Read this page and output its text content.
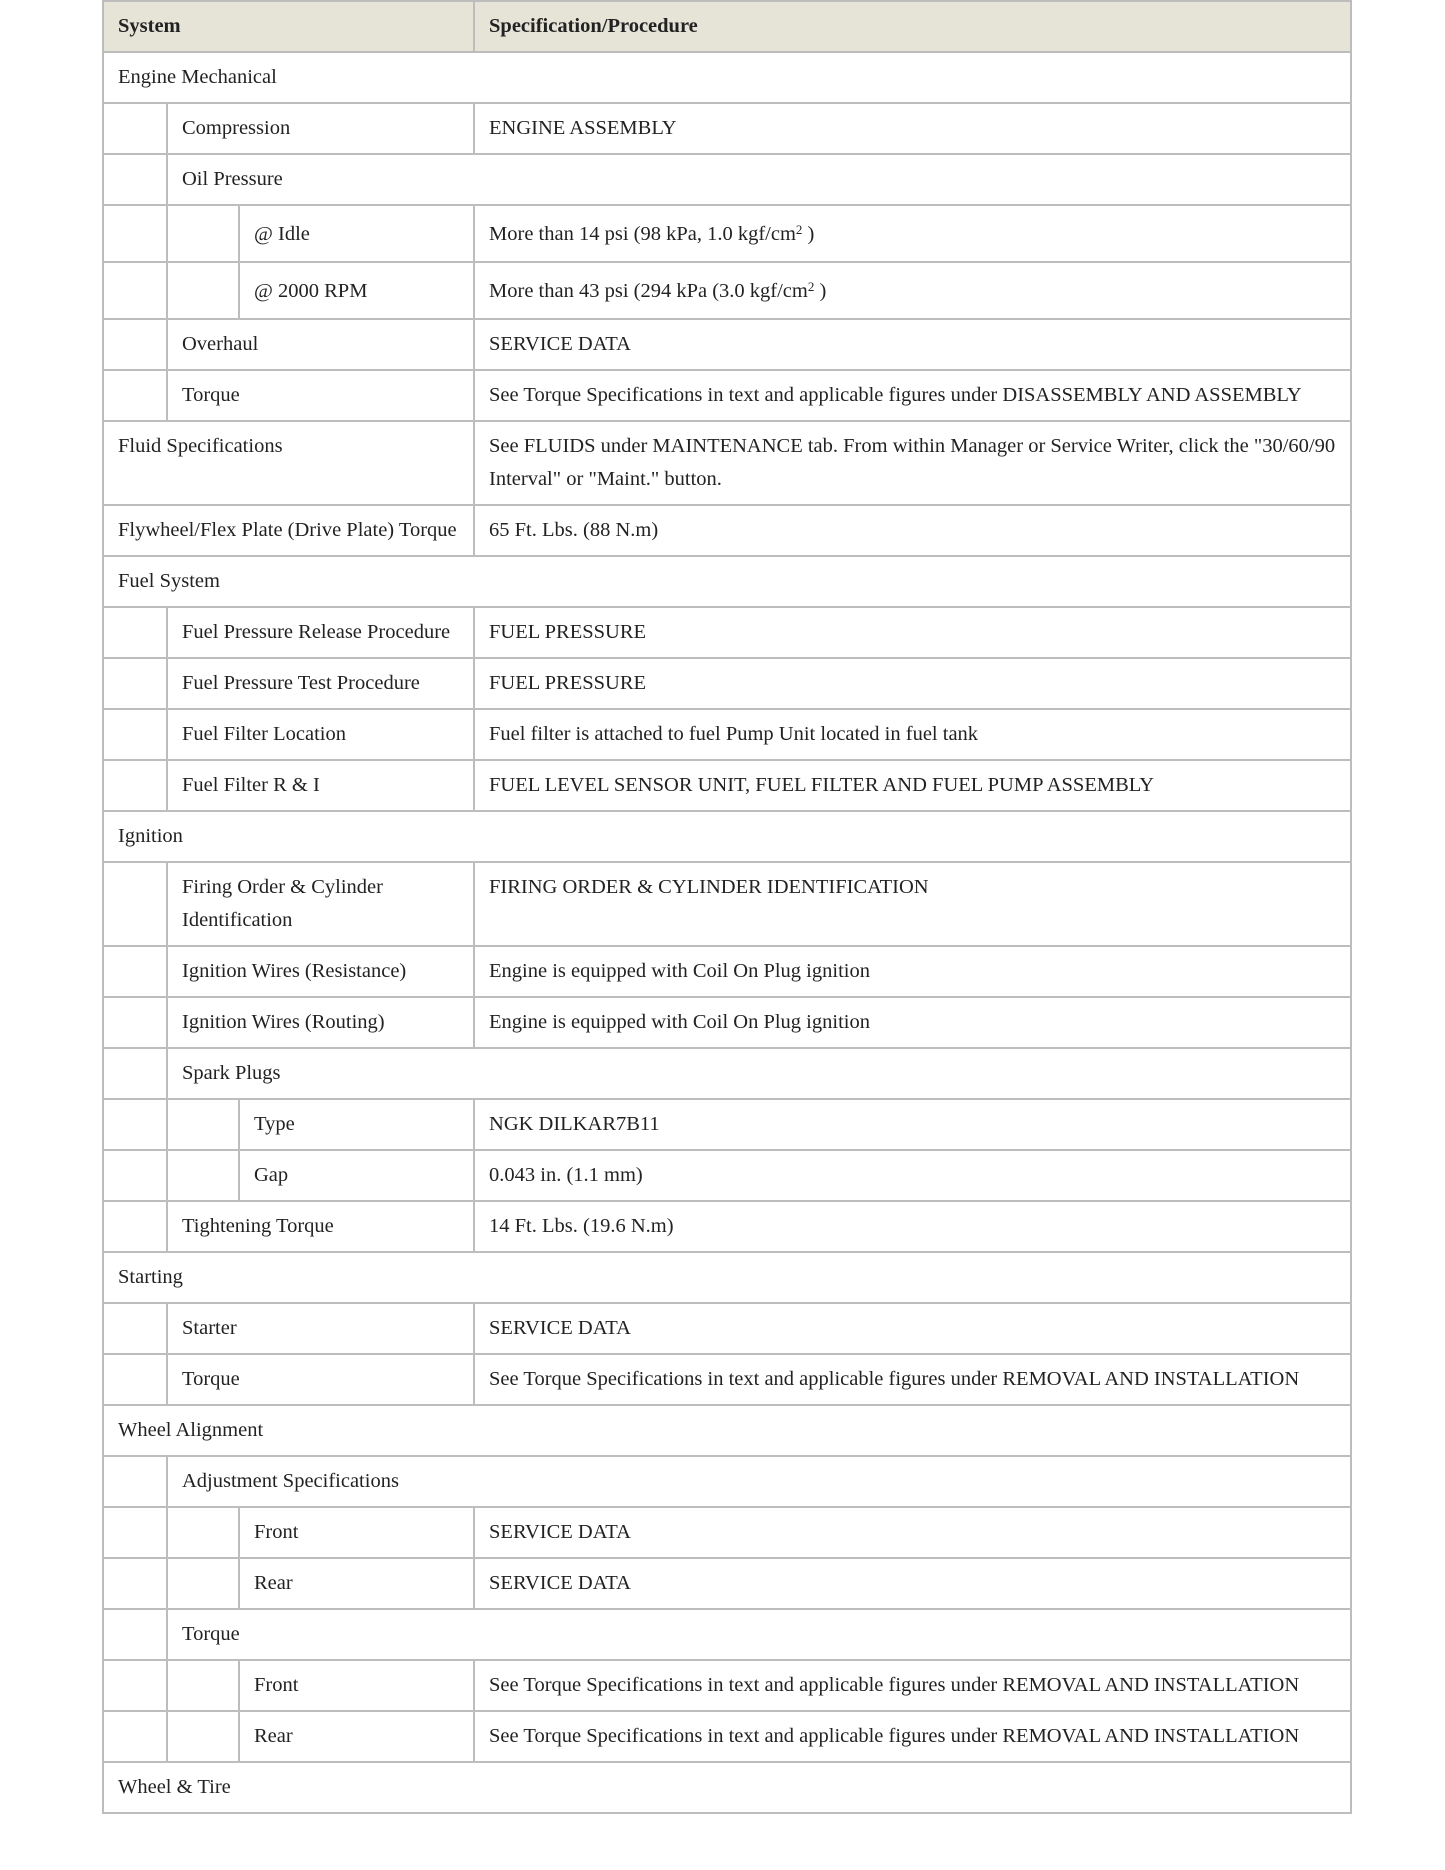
System			Specification/Procedure
Engine Mechanical			
	Compression		ENGINE ASSEMBLY
	Oil Pressure		
		@ Idle	More than 14 psi (98 kPa, 1.0 kgf/$cm^2$ )
		@ 2000 RPM	More than 43 psi (294 kPa (3.0 kgf/$cm^2$ )
	Overhaul		SERVICE DATA
	Torque		See Torque Specifications in text and applicable figures under DISASSEMBLY AND ASSEMBLY
Fluid Specifications			See FLUIDS under MAINTENANCE tab. From within Manager or Service Writer, click the "30/60/90 Interval" or "Maint." button.
Flywheel/Flex Plate (Drive Plate) Torque			65 Ft. Lbs. (88 N.m)
Fuel System			
	Fuel Pressure Release Procedure		FUEL PRESSURE
	Fuel Pressure Test Procedure		FUEL PRESSURE
	Fuel Filter Location		Fuel filter is attached to fuel Pump Unit located in fuel tank
	Fuel Filter R & I		FUEL LEVEL SENSOR UNIT, FUEL FILTER AND FUEL PUMP ASSEMBLY
Ignition			
	Firing Order & Cylinder Identification		FIRING ORDER & CYLINDER IDENTIFICATION
	Ignition Wires (Resistance)		Engine is equipped with Coil On Plug ignition
	Ignition Wires (Routing)		Engine is equipped with Coil On Plug ignition
	Spark Plugs		
		Type	NGK DILKAR7B11
		Gap	0.043 in. (1.1 mm)
	Tightening Torque		14 Ft. Lbs. (19.6 N.m)
Starting			
	Starter		SERVICE DATA
	Torque		See Torque Specifications in text and applicable figures under REMOVAL AND INSTALLATION
Wheel Alignment			
	Adjustment Specifications		
		Front	SERVICE DATA
		Rear	SERVICE DATA
	Torque		
		Front	See Torque Specifications in text and applicable figures under REMOVAL AND INSTALLATION
		Rear	See Torque Specifications in text and applicable figures under REMOVAL AND INSTALLATION
Wheel & Tire			
